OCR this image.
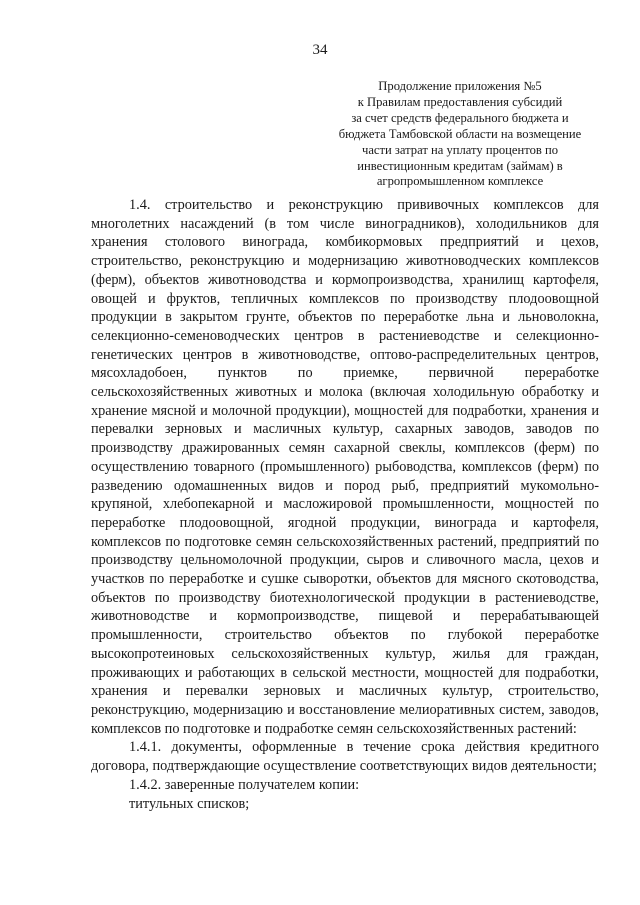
34
Продолжение приложения №5
к Правилам предоставления субсидий
за счет средств федерального бюджета и
бюджета Тамбовской области на возмещение
части затрат на уплату процентов по
инвестиционным кредитам (займам) в
агропромышленном комплексе

1.4. строительство и реконструкцию прививочных комплексов для многолетних насаждений (в том числе виноградников), холодильников для хранения столового винограда, комбикормовых предприятий и цехов, строительство, реконструкцию и модернизацию животноводческих комплексов (ферм), объектов животноводства и кормопроизводства, хранилищ картофеля, овощей и фруктов, тепличных комплексов по производству плодоовощной продукции в закрытом грунте, объектов по переработке льна и льноволокна, селекционно-семеноводческих центров в растениеводстве и селекционно-генетических центров в животноводстве, оптово-распределительных центров, мясохладобоен, пунктов по приемке, первичной переработке сельскохозяйственных животных и молока (включая холодильную обработку и хранение мясной и молочной продукции), мощностей для подработки, хранения и перевалки зерновых и масличных культур, сахарных заводов, заводов по производству дражированных семян сахарной свеклы, комплексов (ферм) по осуществлению товарного (промышленного) рыбоводства, комплексов (ферм) по разведению одомашненных видов и пород рыб, предприятий мукомольно-крупяной, хлебопекарной и масложировой промышленности, мощностей по переработке плодоовощной, ягодной продукции, винограда и картофеля, комплексов по подготовке семян сельскохозяйственных растений, предприятий по производству цельномолочной продукции, сыров и сливочного масла, цехов и участков по переработке и сушке сыворотки, объектов для мясного скотоводства, объектов по производству биотехнологической продукции в растениеводстве, животноводстве и кормопроизводстве, пищевой и перерабатывающей промышленности, строительство объектов по глубокой переработке высокопротеиновых сельскохозяйственных культур, жилья для граждан, проживающих и работающих в сельской местности, мощностей для подработки, хранения и перевалки зерновых и масличных культур, строительство, реконструкцию, модернизацию и восстановление мелиоративных систем, заводов, комплексов по подготовке и подработке семян сельскохозяйственных растений:

1.4.1. документы, оформленные в течение срока действия кредитного договора, подтверждающие осуществление соответствующих видов деятельности;

1.4.2. заверенные получателем копии:

титульных списков;
